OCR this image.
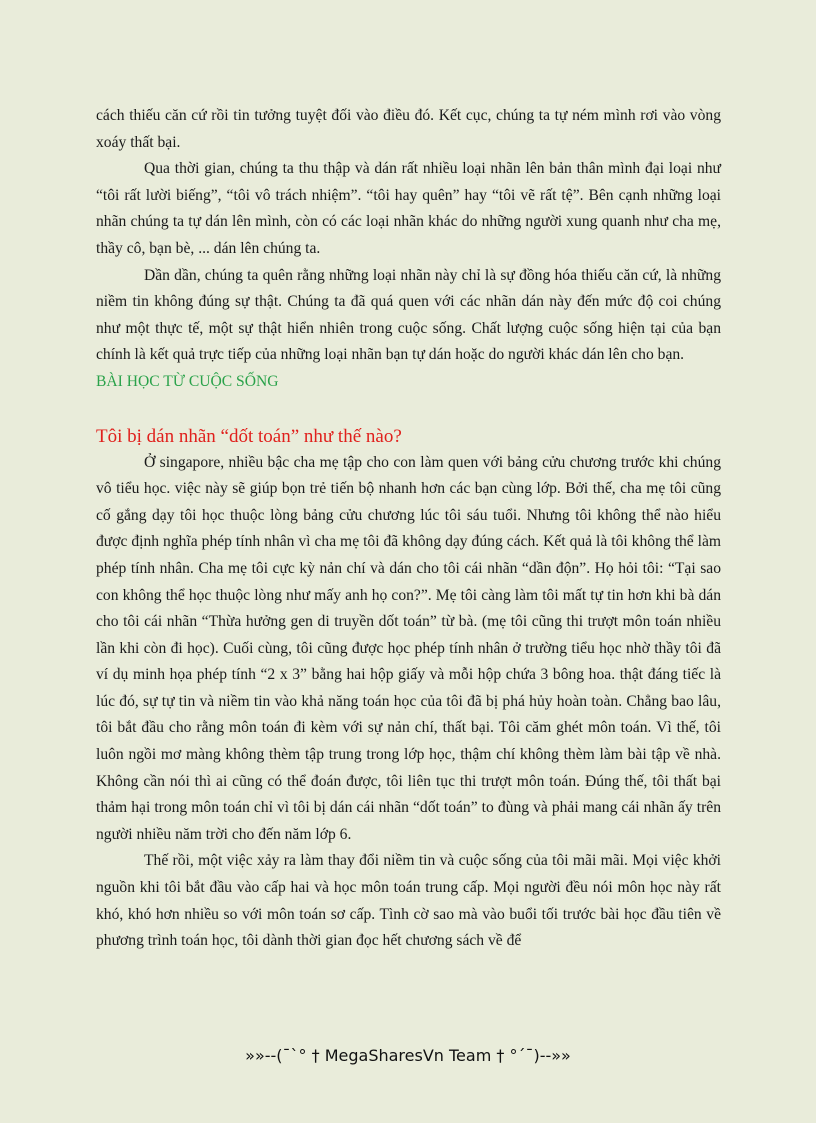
cách thiếu căn cứ rồi tin tưởng tuyệt đối vào điều đó. Kết cục, chúng ta tự ném mình rơi vào vòng xoáy thất bại.

Qua thời gian, chúng ta thu thập và dán rất nhiều loại nhãn lên bản thân mình đại loại như “tôi rất lười biếng”, “tôi vô trách nhiệm”. “tôi hay quên” hay “tôi vẽ rất tệ”. Bên cạnh những loại nhãn chúng ta tự dán lên mình, còn có các loại nhãn khác do những người xung quanh như cha mẹ, thầy cô, bạn bè, ... dán lên chúng ta.

Dần dần, chúng ta quên rằng những loại nhãn này chỉ là sự đồng hóa thiếu căn cứ, là những niềm tin không đúng sự thật. Chúng ta đã quá quen với các nhãn dán này đến mức độ coi chúng như một thực tế, một sự thật hiển nhiên trong cuộc sống. Chất lượng cuộc sống hiện tại của bạn chính là kết quả trực tiếp của những loại nhãn bạn tự dán hoặc do người khác dán lên cho bạn.

BÀI HỌC TỪ CUỘC SỐNG

Tôi bị dán nhãn “dốt toán” như thế nào?

Ở singapore, nhiều bậc cha mẹ tập cho con làm quen với bảng cửu chương trước khi chúng vô tiểu học. việc này sẽ giúp bọn trẻ tiến bộ nhanh hơn các bạn cùng lớp. Bởi thế, cha mẹ tôi cũng cố gắng dạy tôi học thuộc lòng bảng cửu chương lúc tôi sáu tuổi. Nhưng tôi không thể nào hiểu được định nghĩa phép tính nhân vì cha mẹ tôi đã không dạy đúng cách. Kết quả là tôi không thể làm phép tính nhân. Cha mẹ tôi cực kỳ nản chí và dán cho tôi cái nhãn “dần độn”. Họ hỏi tôi: “Tại sao con không thể học thuộc lòng như mấy anh họ con?”. Mẹ tôi càng làm tôi mất tự tin hơn khi bà dán cho tôi cái nhãn “Thừa hưởng gen di truyền dốt toán” từ bà. (mẹ tôi cũng thi trượt môn toán nhiều lần khi còn đi học). Cuối cùng, tôi cũng được học phép tính nhân ở trường tiểu học nhờ thầy tôi đã ví dụ minh họa phép tính “2 x 3” bằng hai hộp giấy và mỗi hộp chứa 3 bông hoa. thật đáng tiếc là lúc đó, sự tự tin và niềm tin vào khả năng toán học của tôi đã bị phá hủy hoàn toàn. Chẳng bao lâu, tôi bắt đầu cho rằng môn toán đi kèm với sự nản chí, thất bại. Tôi căm ghét môn toán. Vì thế, tôi luôn ngồi mơ màng không thèm tập trung trong lớp học, thậm chí không thèm làm bài tập về nhà. Không cần nói thì ai cũng có thể đoán được, tôi liên tục thi trượt môn toán. Đúng thế, tôi thất bại thảm hại trong môn toán chỉ vì tôi bị dán cái nhãn “dốt toán” to đùng và phải mang cái nhãn ấy trên người nhiều năm trời cho đến năm lớp 6.

Thế rồi, một việc xảy ra làm thay đổi niềm tin và cuộc sống của tôi mãi mãi. Mọi việc khởi nguồn khi tôi bắt đầu vào cấp hai và học môn toán trung cấp. Mọi người đều nói môn học này rất khó, khó hơn nhiều so với môn toán sơ cấp. Tình cờ sao mà vào buổi tối trước bài học đầu tiên về phương trình toán học, tôi dành thời gian đọc hết chương sách về để

»»--(¯`° † MegaSharesVn Team † °´¯)--»»
